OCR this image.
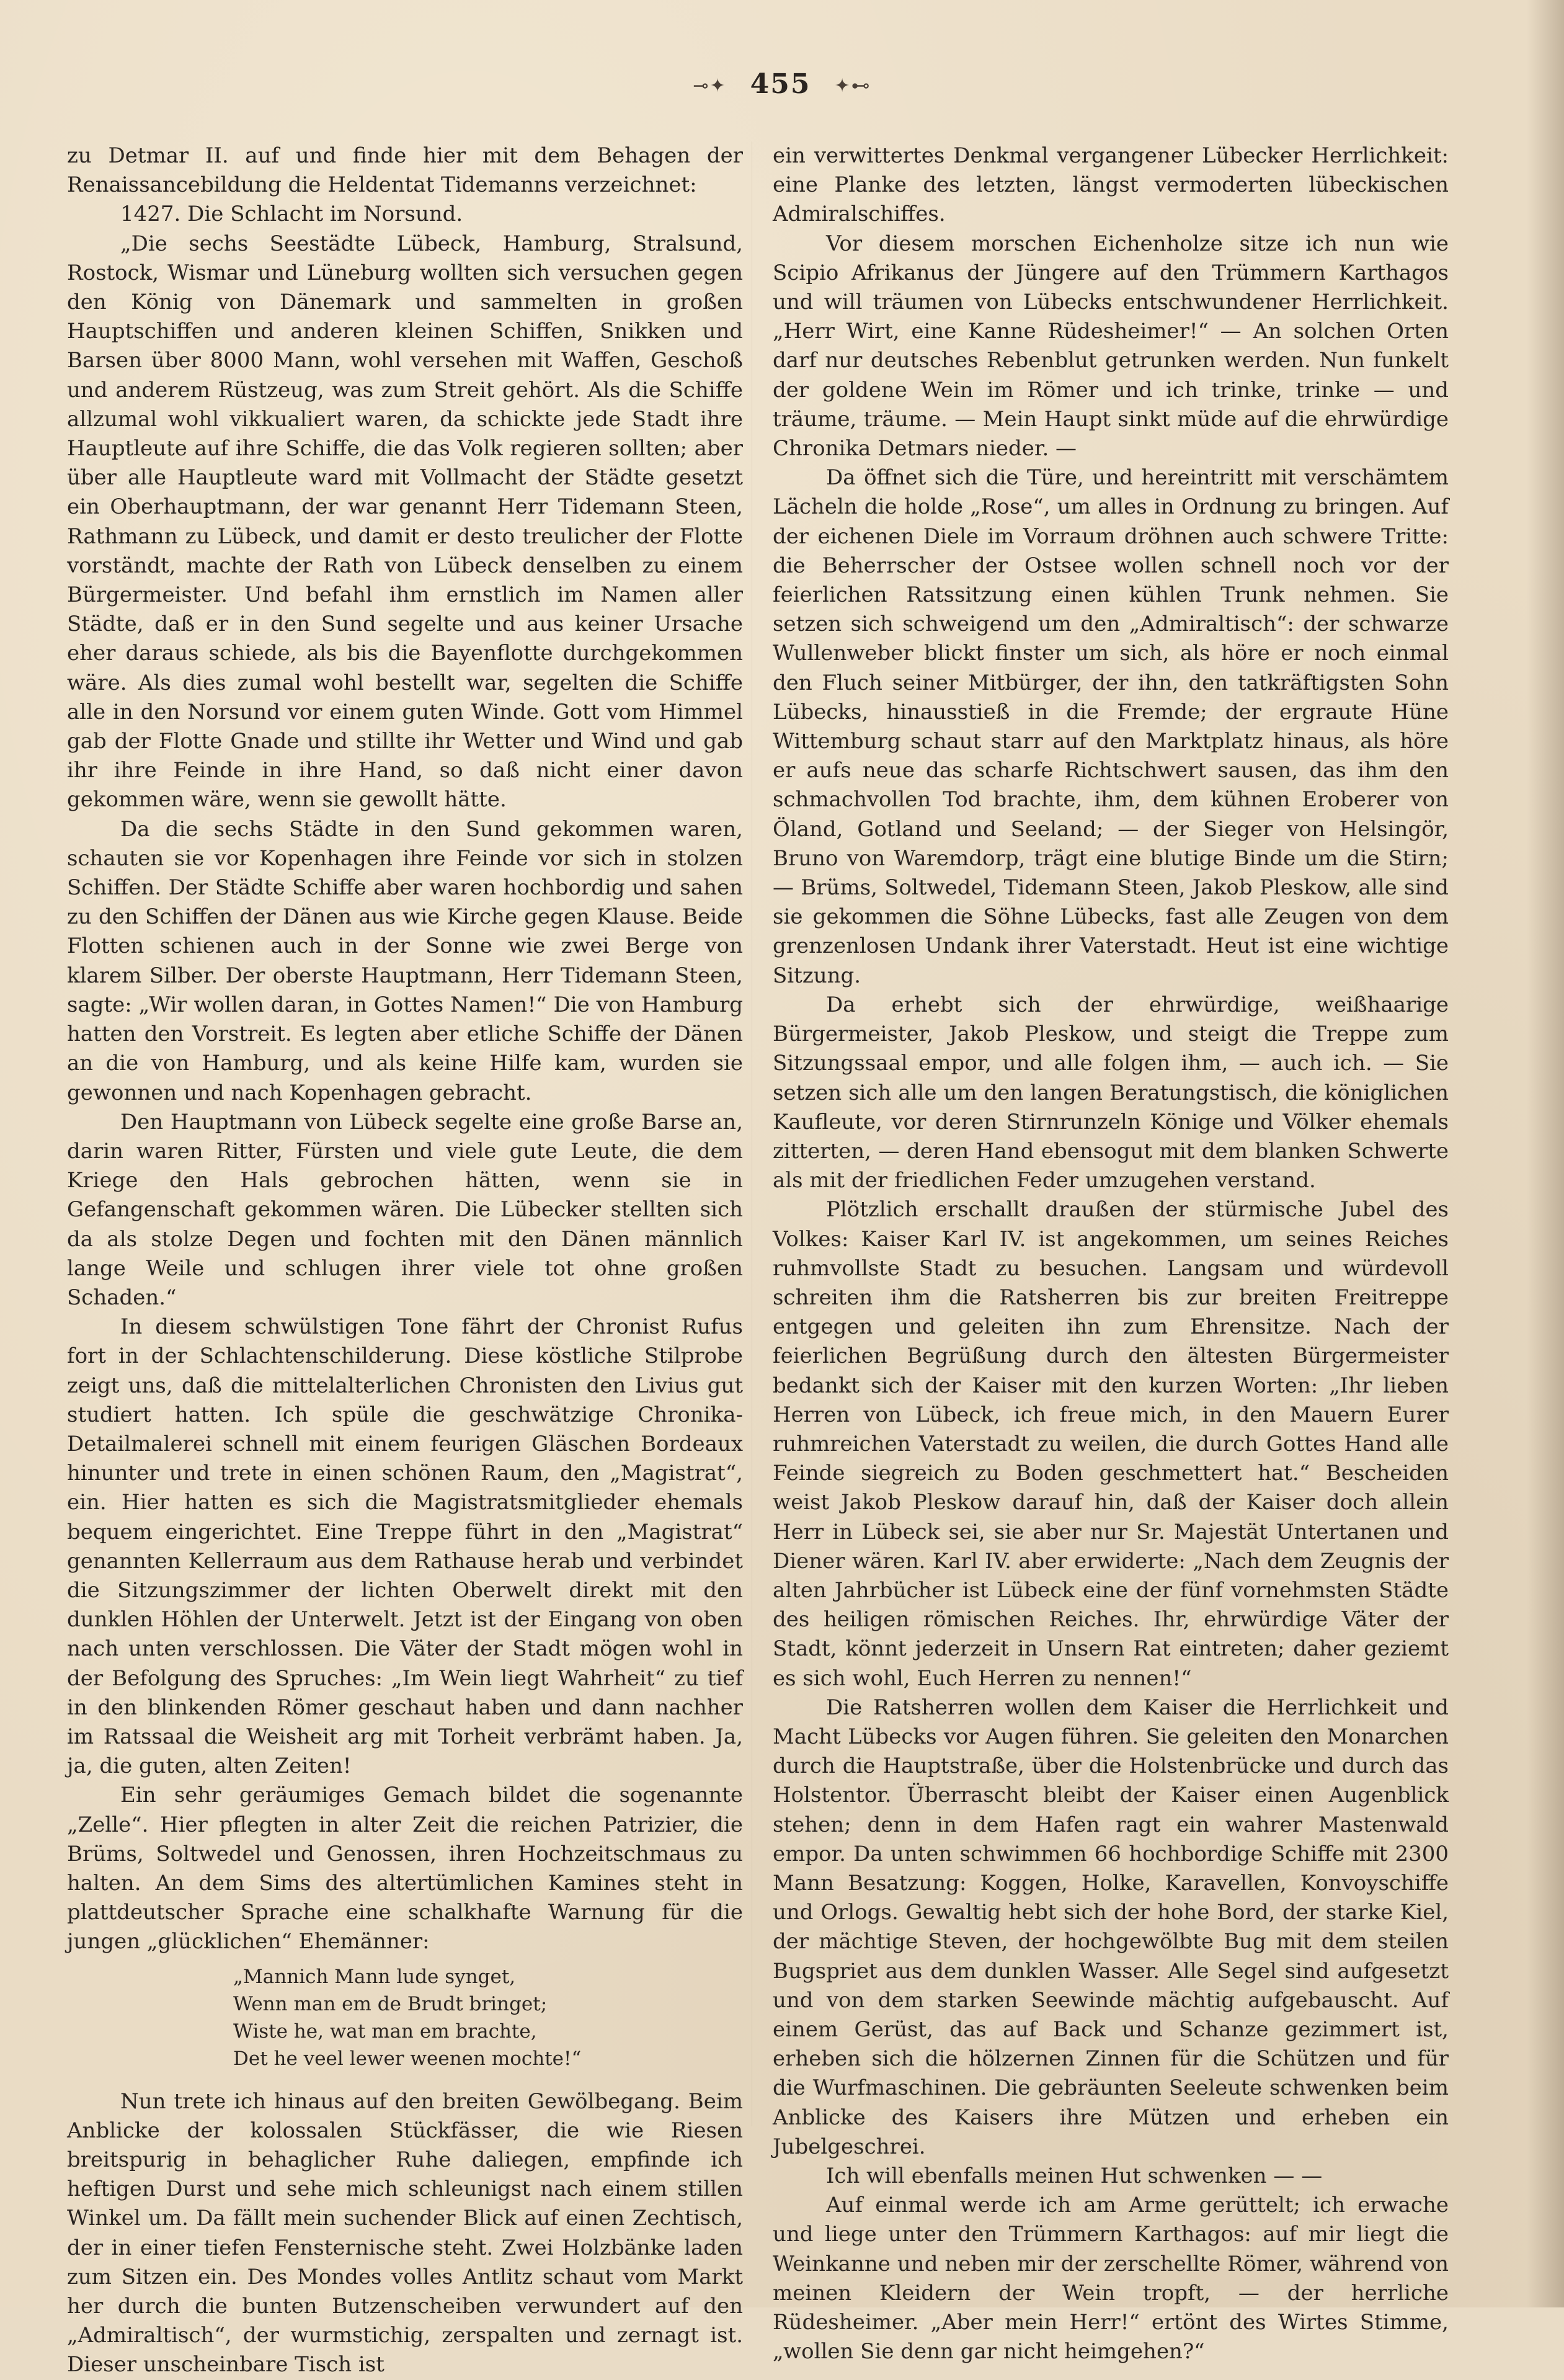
⊸✦ 455 ✦⊷

zu Detmar II. auf und finde hier mit dem Behagen der Renaissancebildung die Heldentat Tidemanns verzeichnet:

1427. Die Schlacht im Norsund.

„Die sechs Seestädte Lübeck, Hamburg, Stralsund, Rostock, Wismar und Lüneburg wollten sich versuchen gegen den König von Dänemark und sammelten in großen Hauptschiffen und anderen kleinen Schiffen, Snikken und Barsen über 8000 Mann, wohl versehen mit Waffen, Geschoß und anderem Rüstzeug, was zum Streit gehört. Als die Schiffe allzumal wohl vikkualiert waren, da schickte jede Stadt ihre Hauptleute auf ihre Schiffe, die das Volk regieren sollten; aber über alle Hauptleute ward mit Vollmacht der Städte gesetzt ein Oberhauptmann, der war genannt Herr Tidemann Steen, Rathmann zu Lübeck, und damit er desto treulicher der Flotte vorständt, machte der Rath von Lübeck denselben zu einem Bürgermeister. Und befahl ihm ernstlich im Namen aller Städte, daß er in den Sund segelte und aus keiner Ursache eher daraus schiede, als bis die Bayenflotte durchgekommen wäre. Als dies zumal wohl bestellt war, segelten die Schiffe alle in den Norsund vor einem guten Winde. Gott vom Himmel gab der Flotte Gnade und stillte ihr Wetter und Wind und gab ihr ihre Feinde in ihre Hand, so daß nicht einer davon gekommen wäre, wenn sie gewollt hätte.

Da die sechs Städte in den Sund gekommen waren, schauten sie vor Kopenhagen ihre Feinde vor sich in stolzen Schiffen. Der Städte Schiffe aber waren hochbordig und sahen zu den Schiffen der Dänen aus wie Kirche gegen Klause. Beide Flotten schienen auch in der Sonne wie zwei Berge von klarem Silber. Der oberste Hauptmann, Herr Tidemann Steen, sagte: „Wir wollen daran, in Gottes Namen!“ Die von Hamburg hatten den Vorstreit. Es legten aber etliche Schiffe der Dänen an die von Hamburg, und als keine Hilfe kam, wurden sie gewonnen und nach Kopenhagen gebracht.

Den Hauptmann von Lübeck segelte eine große Barse an, darin waren Ritter, Fürsten und viele gute Leute, die dem Kriege den Hals gebrochen hätten, wenn sie in Gefangenschaft gekommen wären. Die Lübecker stellten sich da als stolze Degen und fochten mit den Dänen männlich lange Weile und schlugen ihrer viele tot ohne großen Schaden.“

In diesem schwülstigen Tone fährt der Chronist Rufus fort in der Schlachtenschilderung. Diese köstliche Stilprobe zeigt uns, daß die mittelalterlichen Chronisten den Livius gut studiert hatten. Ich spüle die geschwätzige Chronika-Detailmalerei schnell mit einem feurigen Gläschen Bordeaux hinunter und trete in einen schönen Raum, den „Magistrat“, ein. Hier hatten es sich die Magistratsmitglieder ehemals bequem eingerichtet. Eine Treppe führt in den „Magistrat“ genannten Kellerraum aus dem Rathause herab und verbindet die Sitzungszimmer der lichten Oberwelt direkt mit den dunklen Höhlen der Unterwelt. Jetzt ist der Eingang von oben nach unten verschlossen. Die Väter der Stadt mögen wohl in der Befolgung des Spruches: „Im Wein liegt Wahrheit“ zu tief in den blinkenden Römer geschaut haben und dann nachher im Ratssaal die Weisheit arg mit Torheit verbrämt haben. Ja, ja, die guten, alten Zeiten!

Ein sehr geräumiges Gemach bildet die sogenannte „Zelle“. Hier pflegten in alter Zeit die reichen Patrizier, die Brüms, Soltwedel und Genossen, ihren Hochzeitschmaus zu halten. An dem Sims des altertümlichen Kamines steht in plattdeutscher Sprache eine schalkhafte Warnung für die jungen „glücklichen“ Ehemänner:

„Mannich Mann lude synget,
Wenn man em de Brudt bringet;
Wiste he, wat man em brachte,
Det he veel lewer weenen mochte!“

Nun trete ich hinaus auf den breiten Gewölbegang. Beim Anblicke der kolossalen Stückfässer, die wie Riesen breitspurig in behaglicher Ruhe daliegen, empfinde ich heftigen Durst und sehe mich schleunigst nach einem stillen Winkel um. Da fällt mein suchender Blick auf einen Zechtisch, der in einer tiefen Fensternische steht. Zwei Holzbänke laden zum Sitzen ein. Des Mondes volles Antlitz schaut vom Markt her durch die bunten Butzenscheiben verwundert auf den „Admiraltisch“, der wurmstichig, zerspalten und zernagt ist. Dieser unscheinbare Tisch ist

ein verwittertes Denkmal vergangener Lübecker Herrlichkeit: eine Planke des letzten, längst vermoderten lübeckischen Admiralschiffes.

Vor diesem morschen Eichenholze sitze ich nun wie Scipio Afrikanus der Jüngere auf den Trümmern Karthagos und will träumen von Lübecks entschwundener Herrlichkeit. „Herr Wirt, eine Kanne Rüdesheimer!“ — An solchen Orten darf nur deutsches Rebenblut getrunken werden. Nun funkelt der goldene Wein im Römer und ich trinke, trinke — und träume, träume. — Mein Haupt sinkt müde auf die ehrwürdige Chronika Detmars nieder. —

Da öffnet sich die Türe, und hereintritt mit verschämtem Lächeln die holde „Rose“, um alles in Ordnung zu bringen. Auf der eichenen Diele im Vorraum dröhnen auch schwere Tritte: die Beherrscher der Ostsee wollen schnell noch vor der feierlichen Ratssitzung einen kühlen Trunk nehmen. Sie setzen sich schweigend um den „Admiraltisch“: der schwarze Wullenweber blickt finster um sich, als höre er noch einmal den Fluch seiner Mitbürger, der ihn, den tatkräftigsten Sohn Lübecks, hinausstieß in die Fremde; der ergraute Hüne Wittemburg schaut starr auf den Marktplatz hinaus, als höre er aufs neue das scharfe Richtschwert sausen, das ihm den schmachvollen Tod brachte, ihm, dem kühnen Eroberer von Öland, Gotland und Seeland; — der Sieger von Helsingör, Bruno von Waremdorp, trägt eine blutige Binde um die Stirn; — Brüms, Soltwedel, Tidemann Steen, Jakob Pleskow, alle sind sie gekommen die Söhne Lübecks, fast alle Zeugen von dem grenzenlosen Undank ihrer Vaterstadt. Heut ist eine wichtige Sitzung.

Da erhebt sich der ehrwürdige, weißhaarige Bürgermeister, Jakob Pleskow, und steigt die Treppe zum Sitzungssaal empor, und alle folgen ihm, — auch ich. — Sie setzen sich alle um den langen Beratungstisch, die königlichen Kaufleute, vor deren Stirnrunzeln Könige und Völker ehemals zitterten, — deren Hand ebensogut mit dem blanken Schwerte als mit der friedlichen Feder umzugehen verstand.

Plötzlich erschallt draußen der stürmische Jubel des Volkes: Kaiser Karl IV. ist angekommen, um seines Reiches ruhmvollste Stadt zu besuchen. Langsam und würdevoll schreiten ihm die Ratsherren bis zur breiten Freitreppe entgegen und geleiten ihn zum Ehrensitze. Nach der feierlichen Begrüßung durch den ältesten Bürgermeister bedankt sich der Kaiser mit den kurzen Worten: „Ihr lieben Herren von Lübeck, ich freue mich, in den Mauern Eurer ruhmreichen Vaterstadt zu weilen, die durch Gottes Hand alle Feinde siegreich zu Boden geschmettert hat.“ Bescheiden weist Jakob Pleskow darauf hin, daß der Kaiser doch allein Herr in Lübeck sei, sie aber nur Sr. Majestät Untertanen und Diener wären. Karl IV. aber erwiderte: „Nach dem Zeugnis der alten Jahrbücher ist Lübeck eine der fünf vornehmsten Städte des heiligen römischen Reiches. Ihr, ehrwürdige Väter der Stadt, könnt jederzeit in Unsern Rat eintreten; daher geziemt es sich wohl, Euch Herren zu nennen!“

Die Ratsherren wollen dem Kaiser die Herrlichkeit und Macht Lübecks vor Augen führen. Sie geleiten den Monarchen durch die Hauptstraße, über die Holstenbrücke und durch das Holstentor. Überrascht bleibt der Kaiser einen Augenblick stehen; denn in dem Hafen ragt ein wahrer Mastenwald empor. Da unten schwimmen 66 hochbordige Schiffe mit 2300 Mann Besatzung: Koggen, Holke, Karavellen, Konvoyschiffe und Orlogs. Gewaltig hebt sich der hohe Bord, der starke Kiel, der mächtige Steven, der hochgewölbte Bug mit dem steilen Bugspriet aus dem dunklen Wasser. Alle Segel sind aufgesetzt und von dem starken Seewinde mächtig aufgebauscht. Auf einem Gerüst, das auf Back und Schanze gezimmert ist, erheben sich die hölzernen Zinnen für die Schützen und für die Wurfmaschinen. Die gebräunten Seeleute schwenken beim Anblicke des Kaisers ihre Mützen und erheben ein Jubelgeschrei.

Ich will ebenfalls meinen Hut schwenken — —

Auf einmal werde ich am Arme gerüttelt; ich erwache und liege unter den Trümmern Karthagos: auf mir liegt die Weinkanne und neben mir der zerschellte Römer, während von meinen Kleidern der Wein tropft, — der herrliche Rüdesheimer. „Aber mein Herr!“ ertönt des Wirtes Stimme, „wollen Sie denn gar nicht heimgehen?“
